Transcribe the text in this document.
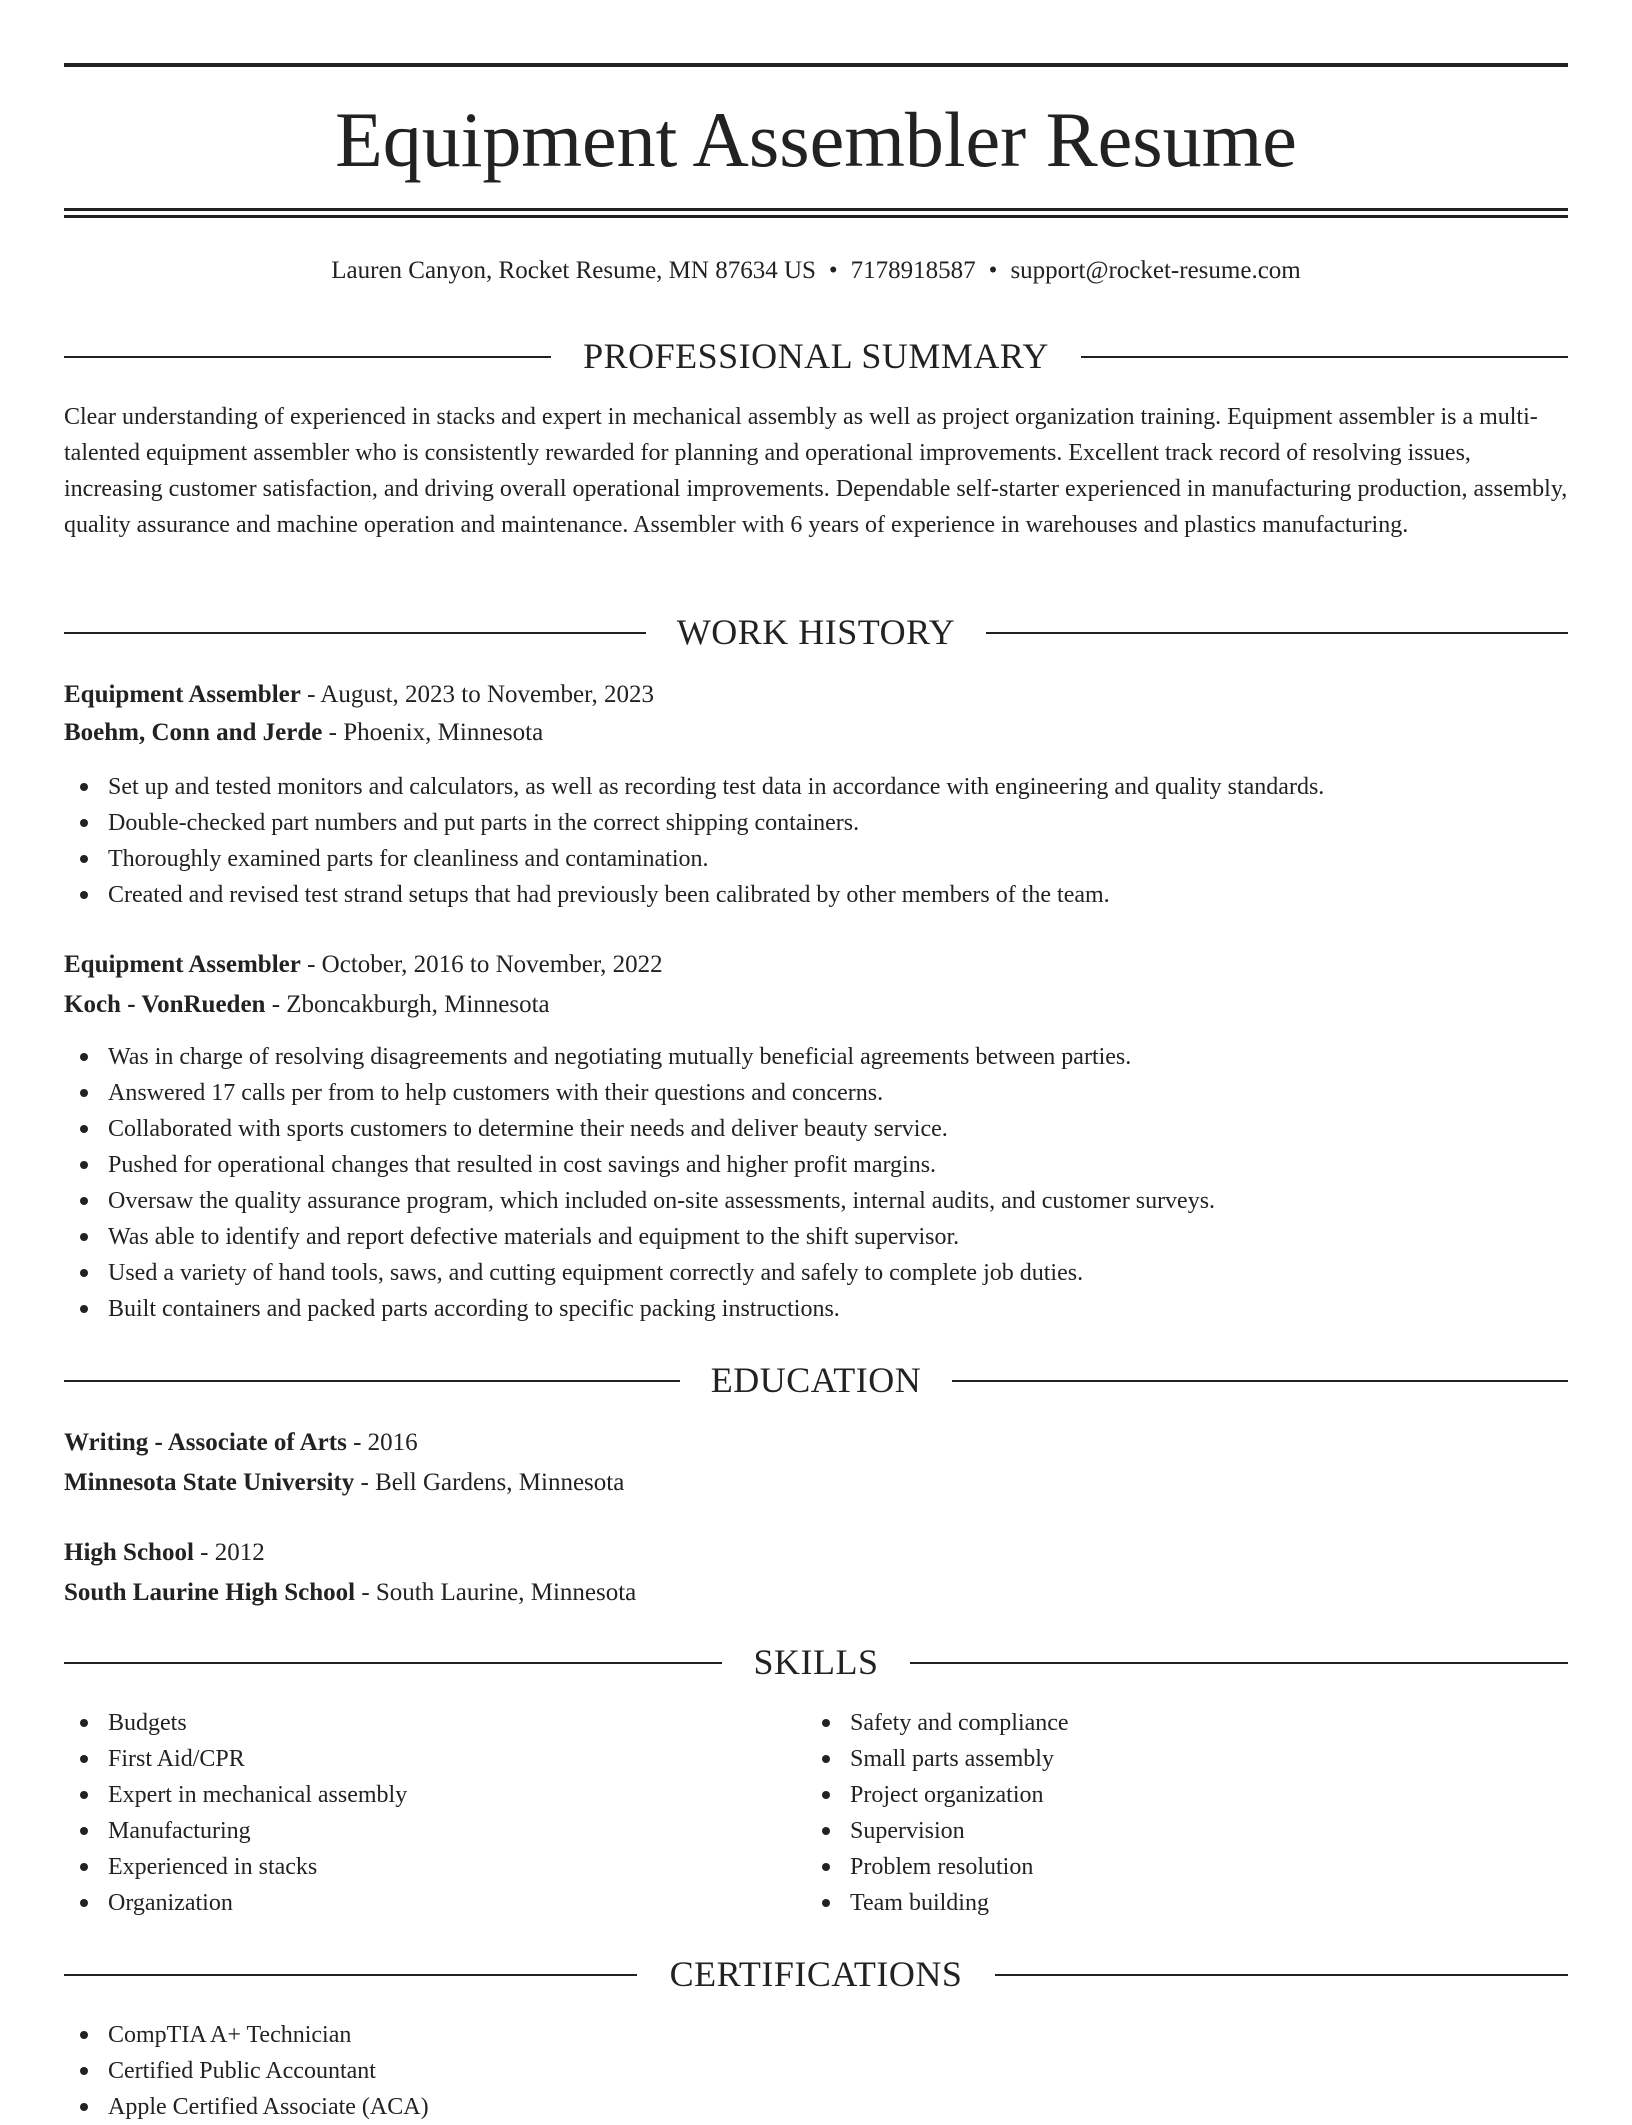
Equipment Assembler Resume
Lauren Canyon, Rocket Resume, MN 87634 US • 7178918587 • support@rocket-resume.com
PROFESSIONAL SUMMARY
Clear understanding of experienced in stacks and expert in mechanical assembly as well as project organization training. Equipment assembler is a multi-talented equipment assembler who is consistently rewarded for planning and operational improvements. Excellent track record of resolving issues, increasing customer satisfaction, and driving overall operational improvements. Dependable self-starter experienced in manufacturing production, assembly, quality assurance and machine operation and maintenance. Assembler with 6 years of experience in warehouses and plastics manufacturing.
WORK HISTORY
Equipment Assembler - August, 2023 to November, 2023
Boehm, Conn and Jerde - Phoenix, Minnesota
Set up and tested monitors and calculators, as well as recording test data in accordance with engineering and quality standards.
Double-checked part numbers and put parts in the correct shipping containers.
Thoroughly examined parts for cleanliness and contamination.
Created and revised test strand setups that had previously been calibrated by other members of the team.
Equipment Assembler - October, 2016 to November, 2022
Koch - VonRueden - Zboncakburgh, Minnesota
Was in charge of resolving disagreements and negotiating mutually beneficial agreements between parties.
Answered 17 calls per from to help customers with their questions and concerns.
Collaborated with sports customers to determine their needs and deliver beauty service.
Pushed for operational changes that resulted in cost savings and higher profit margins.
Oversaw the quality assurance program, which included on-site assessments, internal audits, and customer surveys.
Was able to identify and report defective materials and equipment to the shift supervisor.
Used a variety of hand tools, saws, and cutting equipment correctly and safely to complete job duties.
Built containers and packed parts according to specific packing instructions.
EDUCATION
Writing - Associate of Arts - 2016
Minnesota State University - Bell Gardens, Minnesota
High School - 2012
South Laurine High School - South Laurine, Minnesota
SKILLS
Budgets
First Aid/CPR
Expert in mechanical assembly
Manufacturing
Experienced in stacks
Organization
Safety and compliance
Small parts assembly
Project organization
Supervision
Problem resolution
Team building
CERTIFICATIONS
CompTIA A+ Technician
Certified Public Accountant
Apple Certified Associate (ACA)
